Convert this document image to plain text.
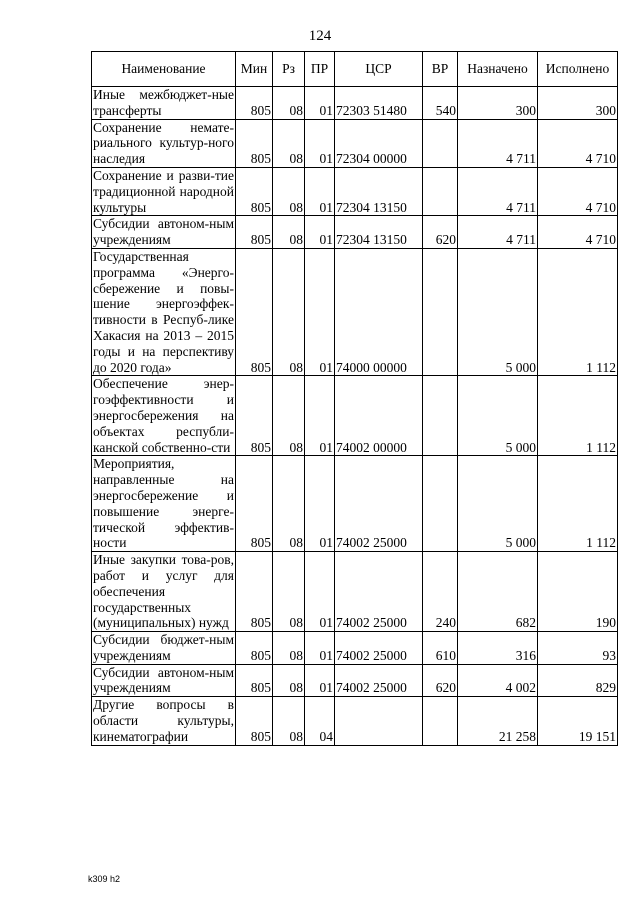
124
Наименование	Мин	Рз	ПР	ЦСР	ВР	Назначено	Исполнено
Иные межбюджет-ные трансферты	805	08	01	72303 51480	540	300	300
Сохранение немате-риального культур-ного наследия	805	08	01	72304 00000		4 711	4 710
Сохранение и разви-тие традиционной народной культуры	805	08	01	72304 13150		4 711	4 710
Субсидии автоном-ным учреждениям	805	08	01	72304 13150	620	4 711	4 710
Государственная программа «Энерго-сбережение и повы-шение энергоэффек-тивности в Респуб-лике Хакасия на 2013 – 2015 годы и на перспективу до 2020 года»	805	08	01	74000 00000		5 000	1 112
Обеспечение энер-гоэффективности и энергосбережения на объектах республи-канской собственно-сти	805	08	01	74002 00000		5 000	1 112
Мероприятия, направленные на энергосбережение и повышение энерге-тической эффектив-ности	805	08	01	74002 25000		5 000	1 112
Иные закупки това-ров, работ и услуг для обеспечения государственных (муниципальных) нужд	805	08	01	74002 25000	240	682	190
Субсидии бюджет-ным учреждениям	805	08	01	74002 25000	610	316	93
Субсидии автоном-ным учреждениям	805	08	01	74002 25000	620	4 002	829
Другие вопросы в области культуры, кинематографии	805	08	04			21 258	19 151
k309 h2
